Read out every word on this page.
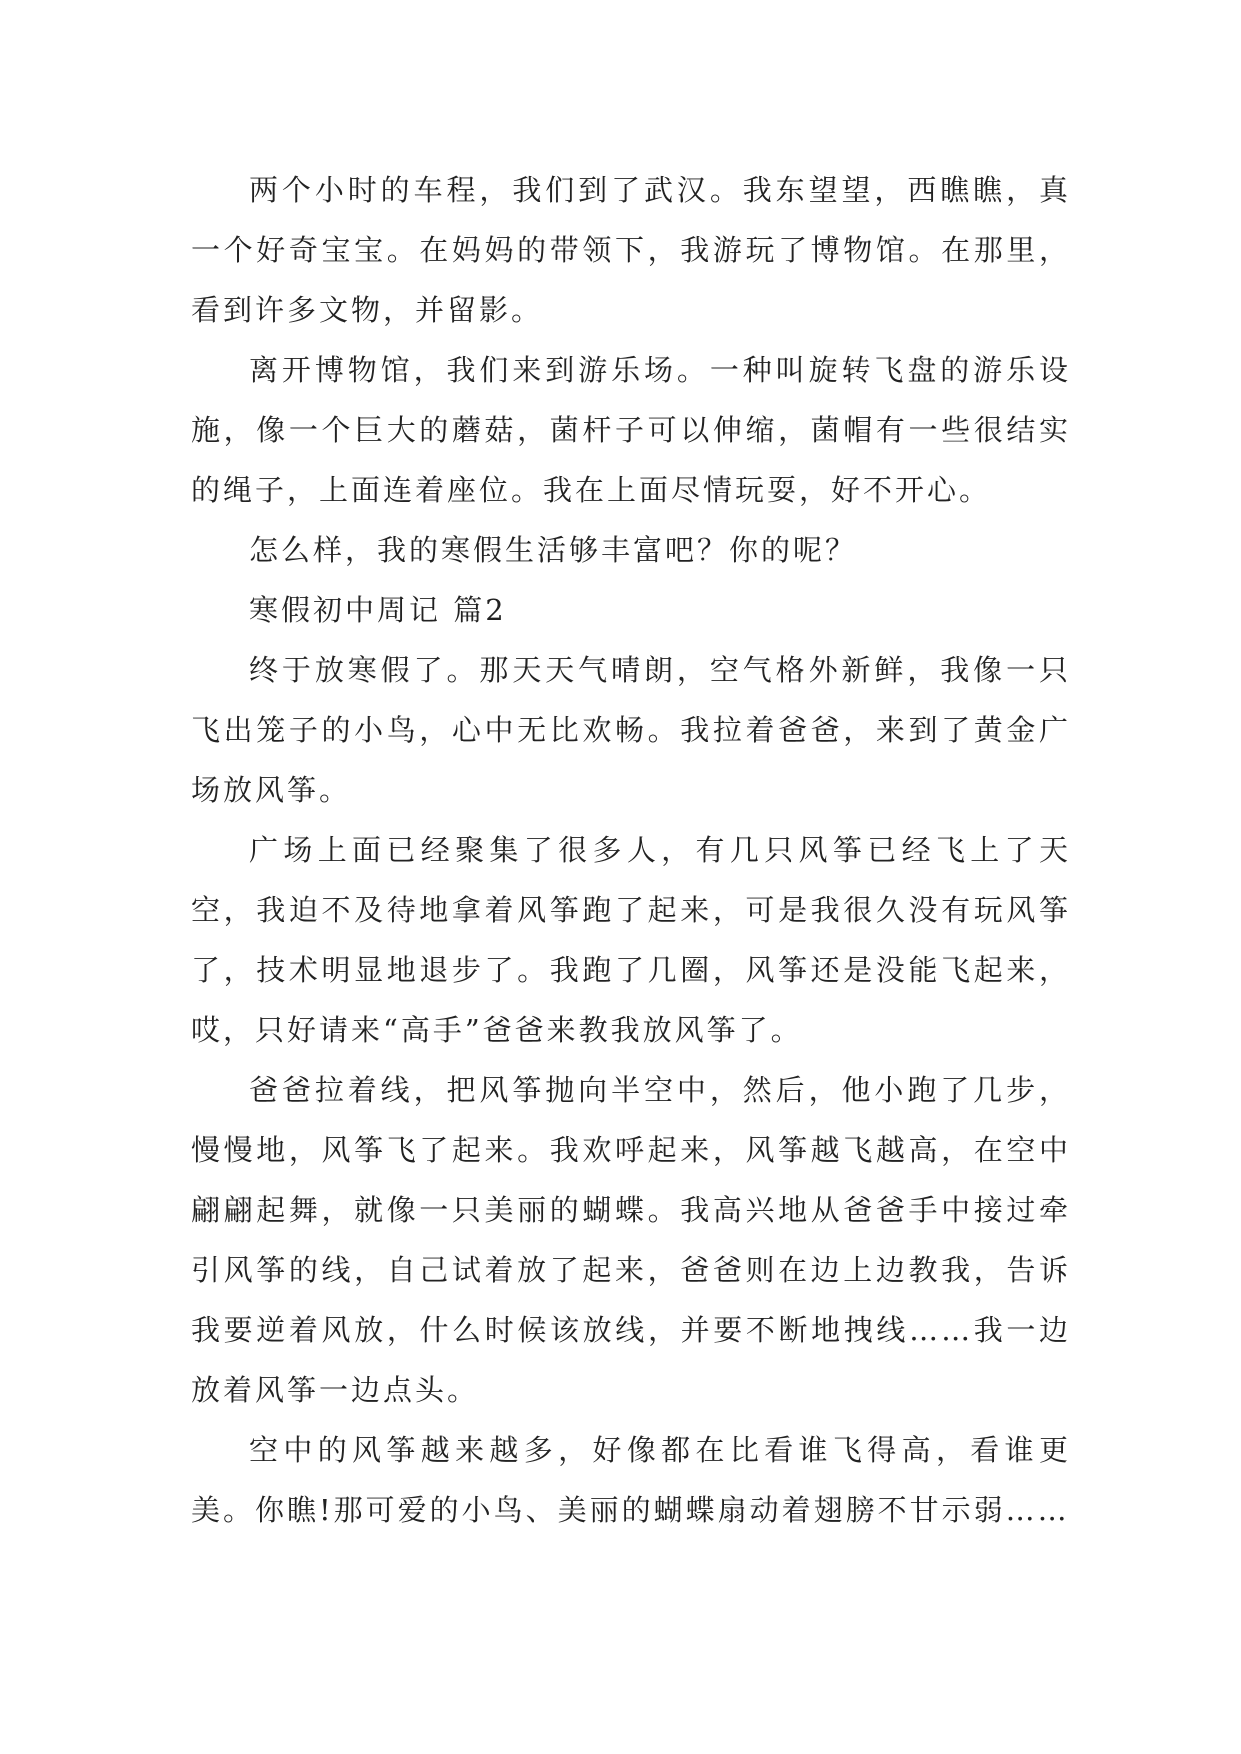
两个小时的车程，我们到了武汉。我东望望，西瞧瞧，真一个好奇宝宝。在妈妈的带领下，我游玩了博物馆。在那里，看到许多文物，并留影。

离开博物馆，我们来到游乐场。一种叫旋转飞盘的游乐设施，像一个巨大的蘑菇，菌杆子可以伸缩，菌帽有一些很结实的绳子，上面连着座位。我在上面尽情玩耍，好不开心。

怎么样，我的寒假生活够丰富吧？你的呢？

寒假初中周记 篇2

终于放寒假了。那天天气晴朗，空气格外新鲜，我像一只飞出笼子的小鸟，心中无比欢畅。我拉着爸爸，来到了黄金广场放风筝。

广场上面已经聚集了很多人，有几只风筝已经飞上了天空，我迫不及待地拿着风筝跑了起来，可是我很久没有玩风筝了，技术明显地退步了。我跑了几圈，风筝还是没能飞起来，哎，只好请来“高手”爸爸来教我放风筝了。

爸爸拉着线，把风筝抛向半空中，然后，他小跑了几步，慢慢地，风筝飞了起来。我欢呼起来，风筝越飞越高，在空中翩翩起舞，就像一只美丽的蝴蝶。我高兴地从爸爸手中接过牵引风筝的线，自己试着放了起来，爸爸则在边上边教我，告诉我要逆着风放，什么时候该放线，并要不断地拽线……我一边放着风筝一边点头。

空中的风筝越来越多，好像都在比看谁飞得高，看谁更美。你瞧!那可爱的小鸟、美丽的蝴蝶扇动着翅膀不甘示弱……
